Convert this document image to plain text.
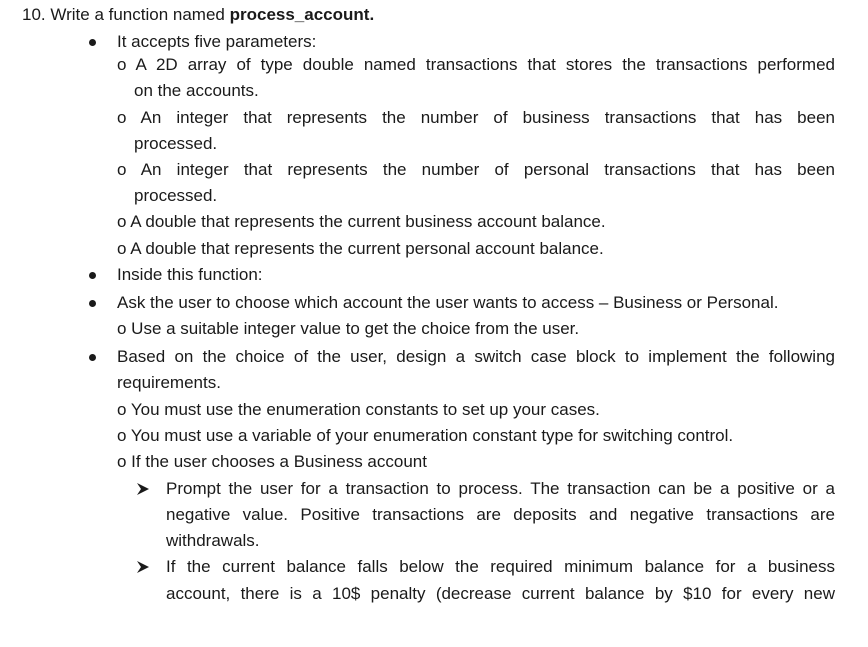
10. Write a function named process_account.
It accepts five parameters:
o A 2D array of type double named transactions that stores the transactions performed
on the accounts.
o An integer that represents the number of business transactions that has been
processed.
o An integer that represents the number of personal transactions that has been
processed.
o A double that represents the current business account balance.
o A double that represents the current personal account balance.
Inside this function:
Ask the user to choose which account the user wants to access – Business or Personal.
o Use a suitable integer value to get the choice from the user.
Based on the choice of the user, design a switch case block to implement the following
requirements.
o You must use the enumeration constants to set up your cases.
o You must use a variable of your enumeration constant type for switching control.
o If the user chooses a Business account
Prompt the user for a transaction to process. The transaction can be a positive or a
negative value. Positive transactions are deposits and negative transactions are
withdrawals.
If the current balance falls below the required minimum balance for a business
account, there is a 10$ penalty (decrease current balance by $10 for every new
